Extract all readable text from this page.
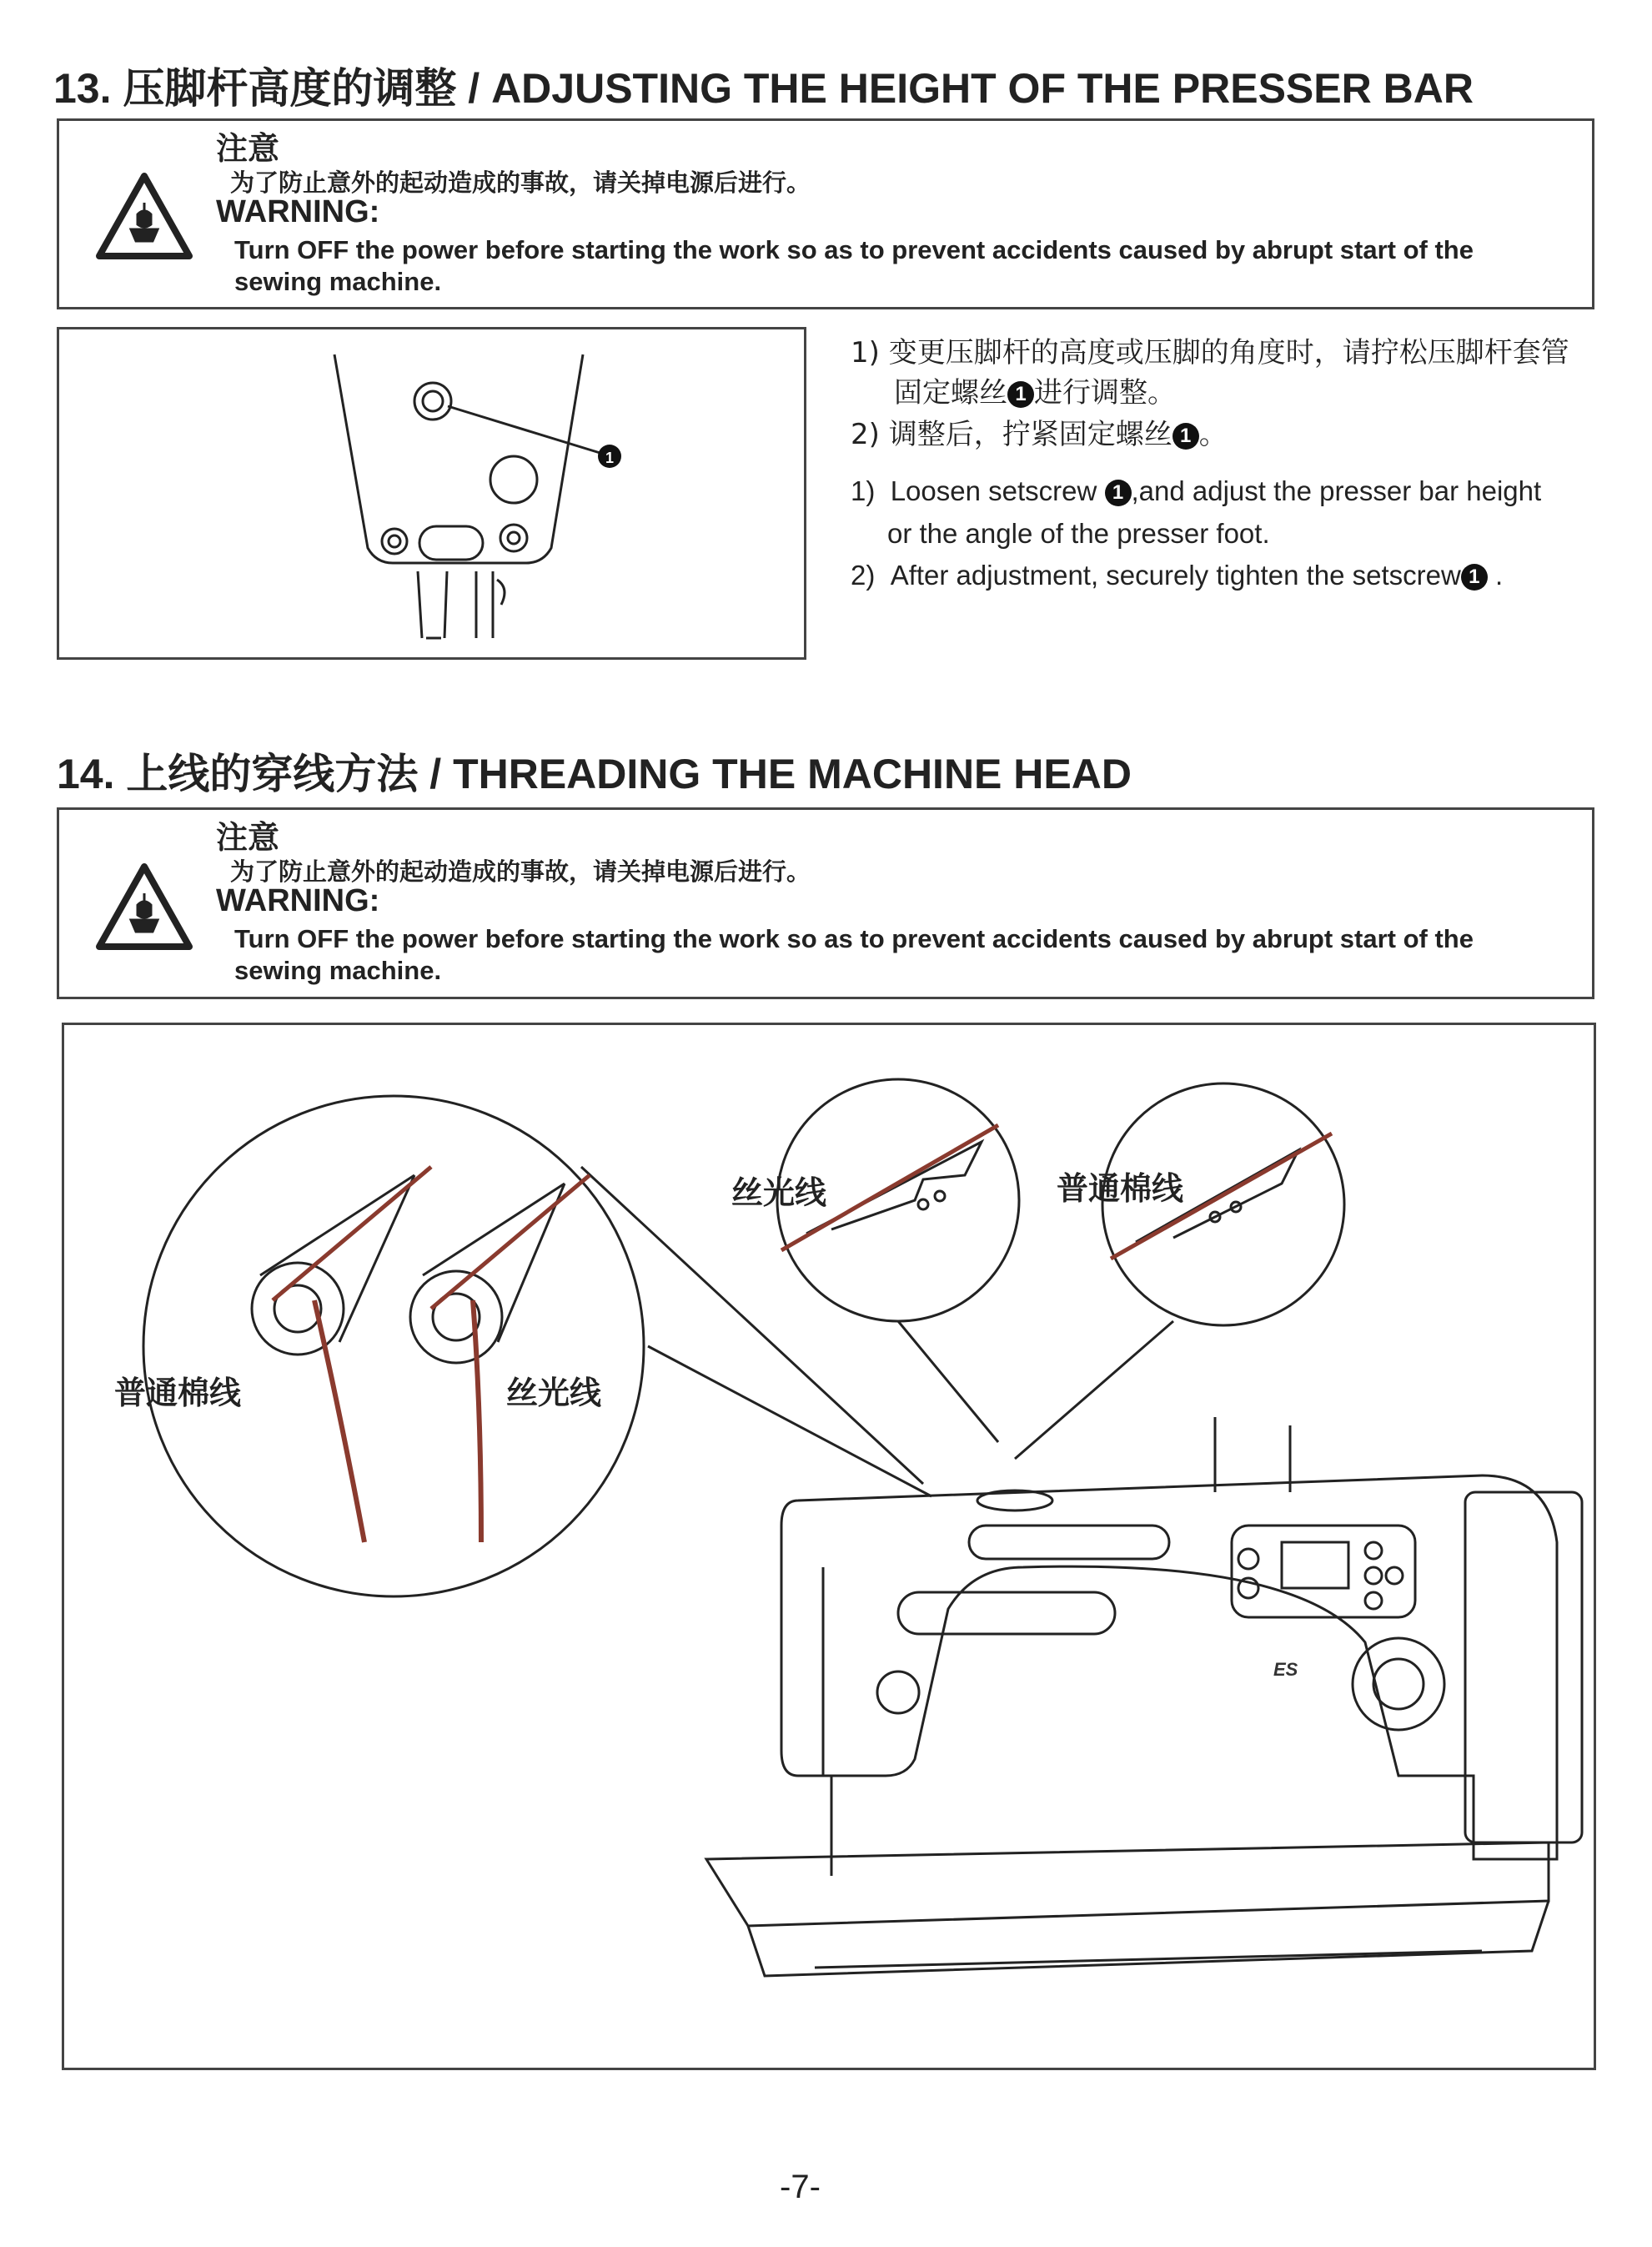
13. 压脚杆高度的调整 / ADJUSTING THE HEIGHT OF THE PRESSER BAR
注意
为了防止意外的起动造成的事故，请关掉电源后进行。
WARNING:
Turn OFF the power before starting the work so as to prevent accidents caused by abrupt start of the
sewing machine.
1
1) 变更压脚杆的高度或压脚的角度时，请拧松压脚杆套管
固定螺丝 1 进行调整。
2) 调整后，拧紧固定螺丝 1 。
1) Loosen setscrew 1 ,and adjust the presser bar height
or the angle of the presser foot.
2) After adjustment, securely tighten the setscrew 1 .
14. 上线的穿线方法 / THREADING THE MACHINE HEAD
注意
为了防止意外的起动造成的事故，请关掉电源后进行。
WARNING:
Turn OFF the power before starting the work so as to prevent accidents caused by abrupt start of the
sewing machine.
丝光线	普通棉线
普通棉线	丝光线
ES
-7-
